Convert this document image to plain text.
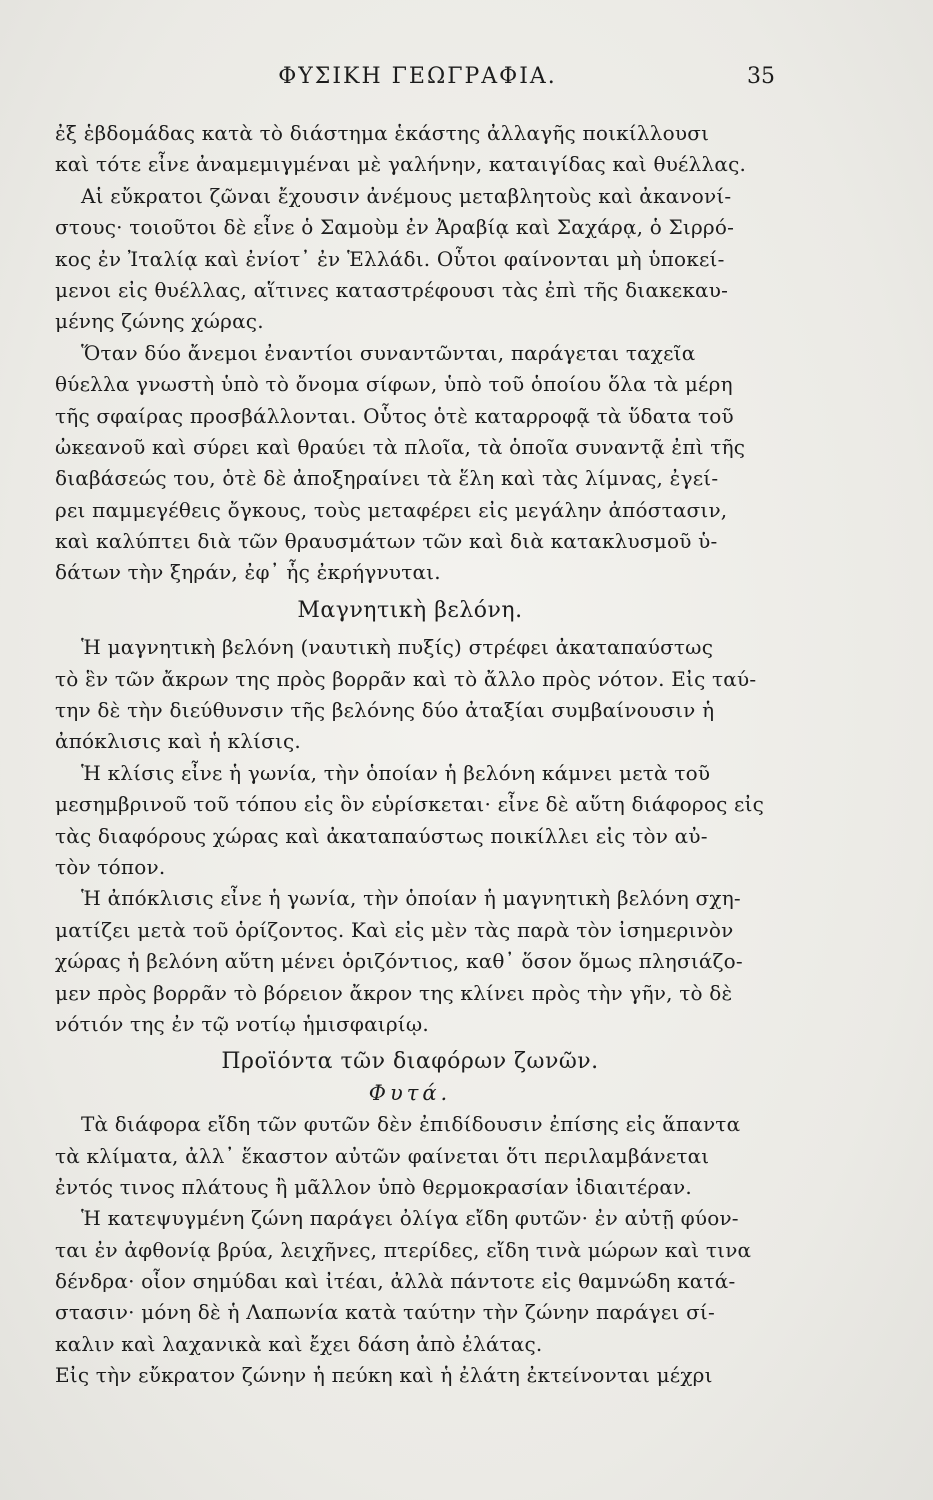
ΦΥΣΙΚΗ ΓΕΩΓΡΑΦΙΑ.	35
ἐξ ἑβδομάδας κατὰ τὸ διάστημα ἑκάστης ἀλλαγῆς ποικίλλουσι
καὶ τότε εἶνε ἀναμεμιγμέναι μὲ γαλήνην, καταιγίδας καὶ θυέλλας.
Αἱ εὔκρατοι ζῶναι ἔχουσιν ἀνέμους μεταβλητοὺς καὶ ἀκανονί-
στους· τοιοῦτοι δὲ εἶνε ὁ Σαμοὺμ ἐν Ἀραβίᾳ καὶ Σαχάρᾳ, ὁ Σιρρό-
κος ἐν Ἰταλίᾳ καὶ ἐνίοτ᾽ ἐν Ἑλλάδι. Οὗτοι φαίνονται μὴ ὑποκεί-
μενοι εἰς θυέλλας, αἵτινες καταστρέφουσι τὰς ἐπὶ τῆς διακεκαυ-
μένης ζώνης χώρας.
Ὅταν δύο ἄνεμοι ἐναντίοι συναντῶνται, παράγεται ταχεῖα
θύελλα γνωστὴ ὑπὸ τὸ ὄνομα σίφων, ὑπὸ τοῦ ὁποίου ὅλα τὰ μέρη
τῆς σφαίρας προσβάλλονται. Οὗτος ὁτὲ καταρροφᾷ τὰ ὕδατα τοῦ
ὠκεανοῦ καὶ σύρει καὶ θραύει τὰ πλοῖα, τὰ ὁποῖα συναντᾷ ἐπὶ τῆς
διαβάσεώς του, ὁτὲ δὲ ἀποξηραίνει τὰ ἕλη καὶ τὰς λίμνας, ἐγεί-
ρει παμμεγέθεις ὄγκους, τοὺς μεταφέρει εἰς μεγάλην ἀπόστασιν,
καὶ καλύπτει διὰ τῶν θραυσμάτων τῶν καὶ διὰ κατακλυσμοῦ ὑ-
δάτων τὴν ξηράν, ἐφ᾽ ἧς ἐκρήγνυται.
Μαγνητικὴ βελόνη.
Ἡ μαγνητικὴ βελόνη (ναυτικὴ πυξίς) στρέφει ἀκαταπαύστως
τὸ ἓν τῶν ἄκρων της πρὸς βορρᾶν καὶ τὸ ἄλλο πρὸς νότον. Εἰς ταύ-
την δὲ τὴν διεύθυνσιν τῆς βελόνης δύο ἀταξίαι συμβαίνουσιν ἡ
ἀπόκλισις καὶ ἡ κλίσις.
Ἡ κλίσις εἶνε ἡ γωνία, τὴν ὁποίαν ἡ βελόνη κάμνει μετὰ τοῦ
μεσημβρινοῦ τοῦ τόπου εἰς ὃν εὑρίσκεται· εἶνε δὲ αὕτη διάφορος εἰς
τὰς διαφόρους χώρας καὶ ἀκαταπαύστως ποικίλλει εἰς τὸν αὐ-
τὸν τόπον.
Ἡ ἀπόκλισις εἶνε ἡ γωνία, τὴν ὁποίαν ἡ μαγνητικὴ βελόνη σχη-
ματίζει μετὰ τοῦ ὁρίζοντος. Καὶ εἰς μὲν τὰς παρὰ τὸν ἰσημερινὸν
χώρας ἡ βελόνη αὕτη μένει ὁριζόντιος, καθ᾽ ὅσον ὅμως πλησιάζο-
μεν πρὸς βορρᾶν τὸ βόρειον ἄκρον της κλίνει πρὸς τὴν γῆν, τὸ δὲ
νότιόν της ἐν τῷ νοτίῳ ἡμισφαιρίῳ.
Προϊόντα τῶν διαφόρων ζωνῶν.
Φυτά.
Τὰ διάφορα εἴδη τῶν φυτῶν δὲν ἐπιδίδουσιν ἐπίσης εἰς ἅπαντα
τὰ κλίματα, ἀλλ᾽ ἕκαστον αὐτῶν φαίνεται ὅτι περιλαμβάνεται
ἐντός τινος πλάτους ἢ μᾶλλον ὑπὸ θερμοκρασίαν ἰδιαιτέραν.
Ἡ κατεψυγμένη ζώνη παράγει ὀλίγα εἴδη φυτῶν· ἐν αὐτῇ φύον-
ται ἐν ἀφθονίᾳ βρύα, λειχῆνες, πτερίδες, εἴδη τινὰ μώρων καὶ τινα
δένδρα· οἷον σημύδαι καὶ ἰτέαι, ἀλλὰ πάντοτε εἰς θαμνώδη κατά-
στασιν· μόνη δὲ ἡ Λαπωνία κατὰ ταύτην τὴν ζώνην παράγει σί-
καλιν καὶ λαχανικὰ καὶ ἔχει δάση ἀπὸ ἐλάτας.
Εἰς τὴν εὔκρατον ζώνην ἡ πεύκη καὶ ἡ ἐλάτη ἐκτείνονται μέχρι
